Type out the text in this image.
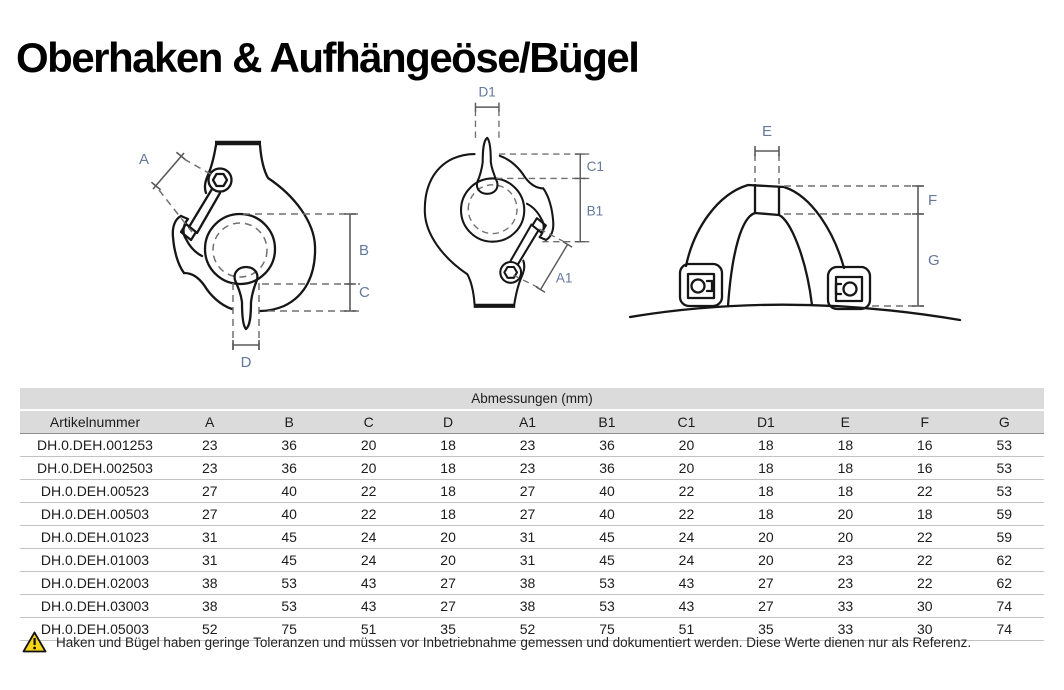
Oberhaken & Aufhängeöse/Bügel
A
B
C
D
D1
C1
B1
A1
E
F
G
Abmessungen (mm)											
Artikelnummer	A	B	C	D	A1	B1	C1	D1	E	F	G
DH.0.DEH.001253	23	36	20	18	23	36	20	18	18	16	53
DH.0.DEH.002503	23	36	20	18	23	36	20	18	18	16	53
DH.0.DEH.00523	27	40	22	18	27	40	22	18	18	22	53
DH.0.DEH.00503	27	40	22	18	27	40	22	18	20	18	59
DH.0.DEH.01023	31	45	24	20	31	45	24	20	20	22	59
DH.0.DEH.01003	31	45	24	20	31	45	24	20	23	22	62
DH.0.DEH.02003	38	53	43	27	38	53	43	27	23	22	62
DH.0.DEH.03003	38	53	43	27	38	53	43	27	33	30	74
DH.0.DEH.05003	52	75	51	35	52	75	51	35	33	30	74
Haken und Bügel haben geringe Toleranzen und müssen vor Inbetriebnahme gemessen und dokumentiert werden. Diese Werte dienen nur als Referenz.
